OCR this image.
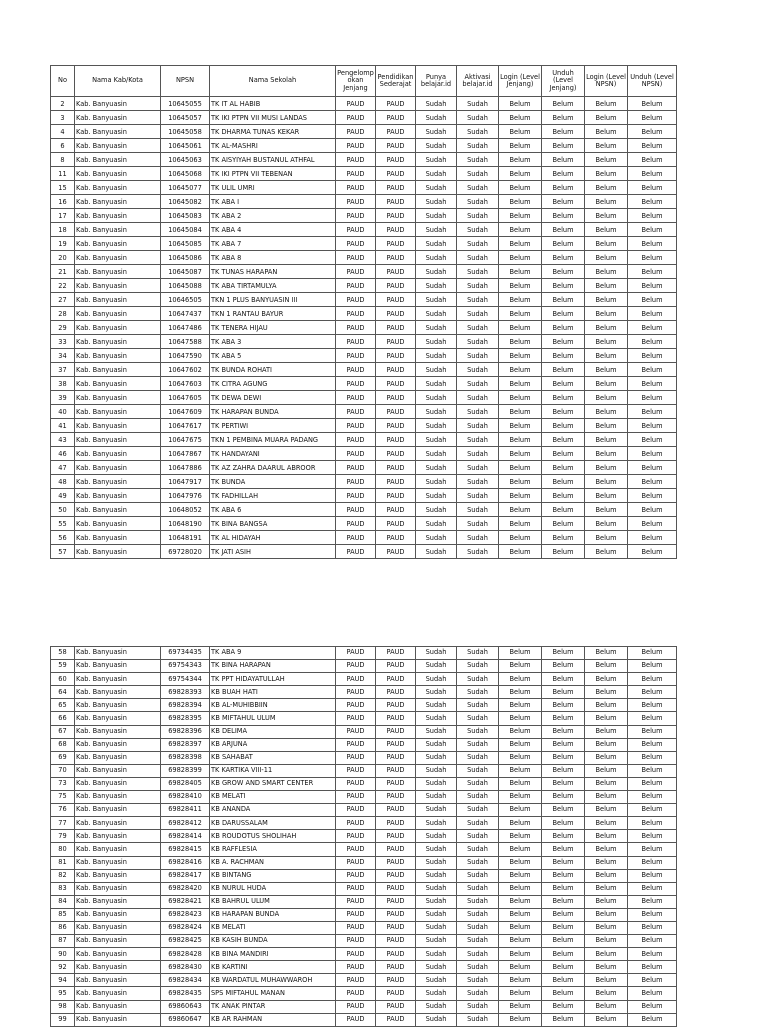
No	Nama Kab/Kota	NPSN	Nama Sekolah	Pengelomp okan Jenjang	Pendidikan Sederajat	Punya belajar.id	Aktivasi belajar.id	Login (Level Jenjang)	Unduh (Level Jenjang)	Login (Level NPSN)	Unduh (Level NPSN)
2	Kab. Banyuasin	10645055	TK IT AL HABIB	PAUD	PAUD	Sudah	Sudah	Belum	Belum	Belum	Belum
3	Kab. Banyuasin	10645057	TK IKI PTPN VII MUSI LANDAS	PAUD	PAUD	Sudah	Sudah	Belum	Belum	Belum	Belum
4	Kab. Banyuasin	10645058	TK DHARMA TUNAS KEKAR	PAUD	PAUD	Sudah	Sudah	Belum	Belum	Belum	Belum
6	Kab. Banyuasin	10645061	TK AL-MASHRI	PAUD	PAUD	Sudah	Sudah	Belum	Belum	Belum	Belum
8	Kab. Banyuasin	10645063	TK AISYIYAH BUSTANUL ATHFAL	PAUD	PAUD	Sudah	Sudah	Belum	Belum	Belum	Belum
11	Kab. Banyuasin	10645068	TK IKI PTPN VII TEBENAN	PAUD	PAUD	Sudah	Sudah	Belum	Belum	Belum	Belum
15	Kab. Banyuasin	10645077	TK ULIL UMRI	PAUD	PAUD	Sudah	Sudah	Belum	Belum	Belum	Belum
16	Kab. Banyuasin	10645082	TK ABA I	PAUD	PAUD	Sudah	Sudah	Belum	Belum	Belum	Belum
17	Kab. Banyuasin	10645083	TK ABA 2	PAUD	PAUD	Sudah	Sudah	Belum	Belum	Belum	Belum
18	Kab. Banyuasin	10645084	TK ABA 4	PAUD	PAUD	Sudah	Sudah	Belum	Belum	Belum	Belum
19	Kab. Banyuasin	10645085	TK ABA 7	PAUD	PAUD	Sudah	Sudah	Belum	Belum	Belum	Belum
20	Kab. Banyuasin	10645086	TK ABA 8	PAUD	PAUD	Sudah	Sudah	Belum	Belum	Belum	Belum
21	Kab. Banyuasin	10645087	TK TUNAS HARAPAN	PAUD	PAUD	Sudah	Sudah	Belum	Belum	Belum	Belum
22	Kab. Banyuasin	10645088	TK ABA TIRTAMULYA	PAUD	PAUD	Sudah	Sudah	Belum	Belum	Belum	Belum
27	Kab. Banyuasin	10646505	TKN 1 PLUS BANYUASIN III	PAUD	PAUD	Sudah	Sudah	Belum	Belum	Belum	Belum
28	Kab. Banyuasin	10647437	TKN 1 RANTAU BAYUR	PAUD	PAUD	Sudah	Sudah	Belum	Belum	Belum	Belum
29	Kab. Banyuasin	10647486	TK TENERA HIJAU	PAUD	PAUD	Sudah	Sudah	Belum	Belum	Belum	Belum
33	Kab. Banyuasin	10647588	TK ABA 3	PAUD	PAUD	Sudah	Sudah	Belum	Belum	Belum	Belum
34	Kab. Banyuasin	10647590	TK ABA 5	PAUD	PAUD	Sudah	Sudah	Belum	Belum	Belum	Belum
37	Kab. Banyuasin	10647602	TK BUNDA ROHATI	PAUD	PAUD	Sudah	Sudah	Belum	Belum	Belum	Belum
38	Kab. Banyuasin	10647603	TK CITRA AGUNG	PAUD	PAUD	Sudah	Sudah	Belum	Belum	Belum	Belum
39	Kab. Banyuasin	10647605	TK DEWA DEWI	PAUD	PAUD	Sudah	Sudah	Belum	Belum	Belum	Belum
40	Kab. Banyuasin	10647609	TK HARAPAN BUNDA	PAUD	PAUD	Sudah	Sudah	Belum	Belum	Belum	Belum
41	Kab. Banyuasin	10647617	TK PERTIWI	PAUD	PAUD	Sudah	Sudah	Belum	Belum	Belum	Belum
43	Kab. Banyuasin	10647675	TKN 1 PEMBINA MUARA PADANG	PAUD	PAUD	Sudah	Sudah	Belum	Belum	Belum	Belum
46	Kab. Banyuasin	10647867	TK HANDAYANI	PAUD	PAUD	Sudah	Sudah	Belum	Belum	Belum	Belum
47	Kab. Banyuasin	10647886	TK AZ ZAHRA DAARUL ABROOR	PAUD	PAUD	Sudah	Sudah	Belum	Belum	Belum	Belum
48	Kab. Banyuasin	10647917	TK BUNDA	PAUD	PAUD	Sudah	Sudah	Belum	Belum	Belum	Belum
49	Kab. Banyuasin	10647976	TK FADHILLAH	PAUD	PAUD	Sudah	Sudah	Belum	Belum	Belum	Belum
50	Kab. Banyuasin	10648052	TK ABA 6	PAUD	PAUD	Sudah	Sudah	Belum	Belum	Belum	Belum
55	Kab. Banyuasin	10648190	TK BINA BANGSA	PAUD	PAUD	Sudah	Sudah	Belum	Belum	Belum	Belum
56	Kab. Banyuasin	10648191	TK AL HIDAYAH	PAUD	PAUD	Sudah	Sudah	Belum	Belum	Belum	Belum
57	Kab. Banyuasin	69728020	TK JATI ASIH	PAUD	PAUD	Sudah	Sudah	Belum	Belum	Belum	Belum
58	Kab. Banyuasin	69734435	TK ABA 9	PAUD	PAUD	Sudah	Sudah	Belum	Belum	Belum	Belum
59	Kab. Banyuasin	69754343	TK BINA HARAPAN	PAUD	PAUD	Sudah	Sudah	Belum	Belum	Belum	Belum
60	Kab. Banyuasin	69754344	TK PPT HIDAYATULLAH	PAUD	PAUD	Sudah	Sudah	Belum	Belum	Belum	Belum
64	Kab. Banyuasin	69828393	KB BUAH HATI	PAUD	PAUD	Sudah	Sudah	Belum	Belum	Belum	Belum
65	Kab. Banyuasin	69828394	KB AL-MUHIBBIIN	PAUD	PAUD	Sudah	Sudah	Belum	Belum	Belum	Belum
66	Kab. Banyuasin	69828395	KB MIFTAHUL ULUM	PAUD	PAUD	Sudah	Sudah	Belum	Belum	Belum	Belum
67	Kab. Banyuasin	69828396	KB DELIMA	PAUD	PAUD	Sudah	Sudah	Belum	Belum	Belum	Belum
68	Kab. Banyuasin	69828397	KB ARJUNA	PAUD	PAUD	Sudah	Sudah	Belum	Belum	Belum	Belum
69	Kab. Banyuasin	69828398	KB SAHABAT	PAUD	PAUD	Sudah	Sudah	Belum	Belum	Belum	Belum
70	Kab. Banyuasin	69828399	TK KARTIKA VIII-11	PAUD	PAUD	Sudah	Sudah	Belum	Belum	Belum	Belum
73	Kab. Banyuasin	69828405	KB GROW AND SMART CENTER	PAUD	PAUD	Sudah	Sudah	Belum	Belum	Belum	Belum
75	Kab. Banyuasin	69828410	KB MELATI	PAUD	PAUD	Sudah	Sudah	Belum	Belum	Belum	Belum
76	Kab. Banyuasin	69828411	KB ANANDA	PAUD	PAUD	Sudah	Sudah	Belum	Belum	Belum	Belum
77	Kab. Banyuasin	69828412	KB DARUSSALAM	PAUD	PAUD	Sudah	Sudah	Belum	Belum	Belum	Belum
79	Kab. Banyuasin	69828414	KB ROUDOTUS SHOLIHAH	PAUD	PAUD	Sudah	Sudah	Belum	Belum	Belum	Belum
80	Kab. Banyuasin	69828415	KB RAFFLESIA	PAUD	PAUD	Sudah	Sudah	Belum	Belum	Belum	Belum
81	Kab. Banyuasin	69828416	KB A. RACHMAN	PAUD	PAUD	Sudah	Sudah	Belum	Belum	Belum	Belum
82	Kab. Banyuasin	69828417	KB BINTANG	PAUD	PAUD	Sudah	Sudah	Belum	Belum	Belum	Belum
83	Kab. Banyuasin	69828420	KB NURUL HUDA	PAUD	PAUD	Sudah	Sudah	Belum	Belum	Belum	Belum
84	Kab. Banyuasin	69828421	KB BAHRUL ULUM	PAUD	PAUD	Sudah	Sudah	Belum	Belum	Belum	Belum
85	Kab. Banyuasin	69828423	KB HARAPAN BUNDA	PAUD	PAUD	Sudah	Sudah	Belum	Belum	Belum	Belum
86	Kab. Banyuasin	69828424	KB MELATI	PAUD	PAUD	Sudah	Sudah	Belum	Belum	Belum	Belum
87	Kab. Banyuasin	69828425	KB KASIH BUNDA	PAUD	PAUD	Sudah	Sudah	Belum	Belum	Belum	Belum
90	Kab. Banyuasin	69828428	KB BINA MANDIRI	PAUD	PAUD	Sudah	Sudah	Belum	Belum	Belum	Belum
92	Kab. Banyuasin	69828430	KB KARTINI	PAUD	PAUD	Sudah	Sudah	Belum	Belum	Belum	Belum
94	Kab. Banyuasin	69828434	KB WARDATUL MUHAWWAROH	PAUD	PAUD	Sudah	Sudah	Belum	Belum	Belum	Belum
95	Kab. Banyuasin	69828435	SPS MIFTAHUL MANAN	PAUD	PAUD	Sudah	Sudah	Belum	Belum	Belum	Belum
98	Kab. Banyuasin	69860643	TK ANAK PINTAR	PAUD	PAUD	Sudah	Sudah	Belum	Belum	Belum	Belum
99	Kab. Banyuasin	69860647	KB AR RAHMAN	PAUD	PAUD	Sudah	Sudah	Belum	Belum	Belum	Belum
